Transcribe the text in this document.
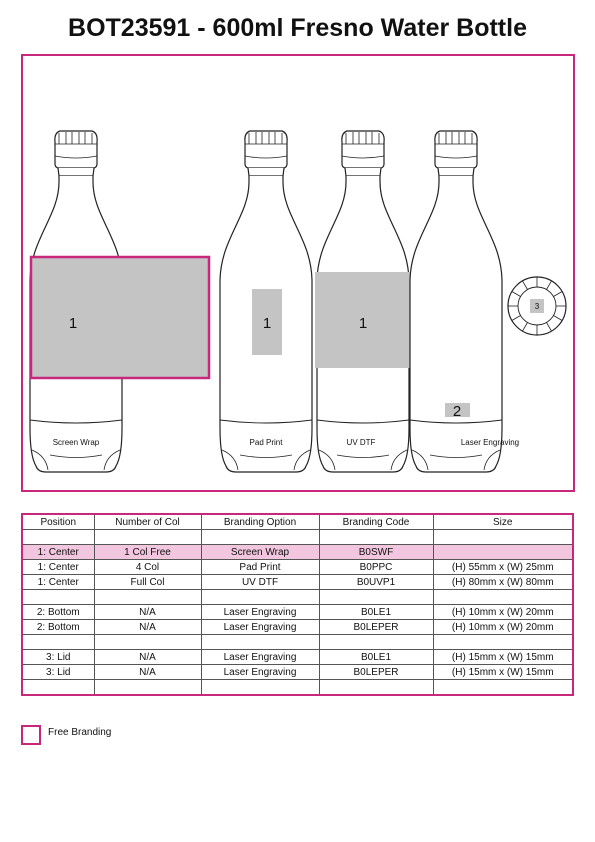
BOT23591 - 600ml Fresno Water Bottle
1
Screen Wrap
1
Pad Print
1
UV DTF
2
Laser Engraving
3
Position	Number of Col	Branding Option	Branding Code	Size

1: Center	1 Col Free	Screen Wrap	B0SWF	
1: Center	4 Col	Pad Print	B0PPC	(H) 55mm x (W) 25mm
1: Center	Full Col	UV DTF	B0UVP1	(H) 80mm x (W) 80mm

2: Bottom	N/A	Laser Engraving	B0LE1	(H) 10mm x (W) 20mm
2: Bottom	N/A	Laser Engraving	B0LEPER	(H) 10mm x (W) 20mm

3: Lid	N/A	Laser Engraving	B0LE1	(H) 15mm x (W) 15mm
3: Lid	N/A	Laser Engraving	B0LEPER	(H) 15mm x (W) 15mm

Free Branding
